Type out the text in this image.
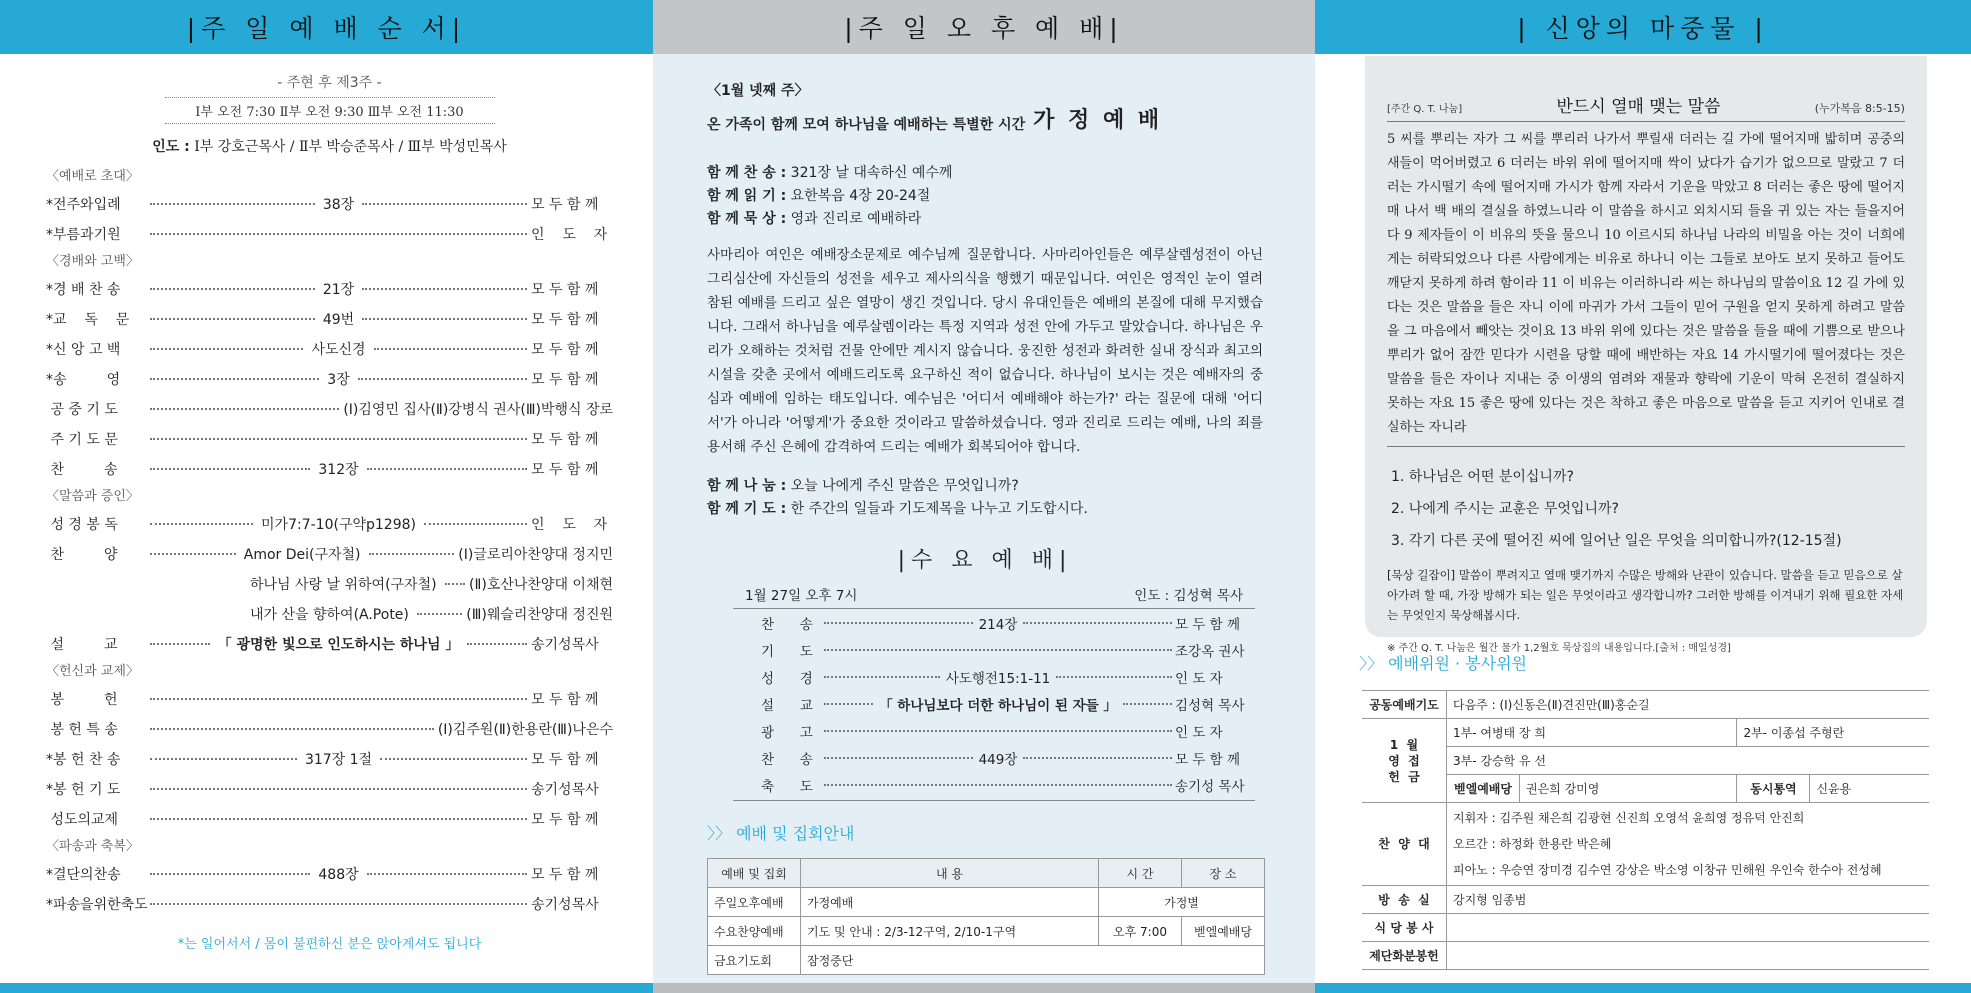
|주 일 예 배 순 서|
- 주현 후 제3주 -
Ⅰ부 오전 7:30 Ⅱ부 오전 9:30 Ⅲ부 오전 11:30
인도 : Ⅰ부 강호근목사 / Ⅱ부 박승준목사 / Ⅲ부 박성민목사
〈예배로 초대〉
*전주와입례	38장	모 두 함 께
*부름과기원	인    도    자
〈경배와 고백〉
*경 배 찬 송	21장	모 두 함 께
*교    독    문	49번	모 두 함 께
*신 앙 고 백	사도신경	모 두 함 께
*송         영	3장	모 두 함 께
공 중 기 도	(Ⅰ)김영민 집사(Ⅱ)강병식 권사(Ⅲ)박행식 장로
주 기 도 문	모 두 함 께
찬         송	312장	모 두 함 께
〈말씀과 증인〉
성 경 봉 독	미가7:7-10(구약p1298)	인    도    자
찬         양	Amor Dei(구자철)	(Ⅰ)글로리아찬양대 정지민
하나님 사랑 날 위하여(구자철) (Ⅱ)호산나찬양대 이채현
내가 산을 향하여(A.Pote)	(Ⅲ)웨슬리찬양대 정진원
설         교	「 광명한 빛으로 인도하시는 하나님 」	송기성목사
〈헌신과 교제〉
봉         헌	모 두 함 께
봉 헌 특 송	(Ⅰ)김주원(Ⅱ)한용란(Ⅲ)나은수
*봉 헌 찬 송	317장 1절	모 두 함 께
*봉 헌 기 도	송기성목사
성도의교제	모 두 함 께
〈파송과 축복〉
*결단의찬송	488장	모 두 함 께
*파송을위한축도	송기성목사
*는 일어서서 / 몸이 불편하신 분은 앉아계셔도 됩니다
|주 일 오 후 예 배|
〈1월 넷째 주〉
온 가족이 함께 모여 하나님을 예배하는 특별한 시간 가 정 예 배
함 께 찬 송 : 321장 날 대속하신 예수께
함 께 읽 기 : 요한복음 4장 20-24절
함 께 묵 상 : 영과 진리로 예배하라
사마리아 여인은 예배장소문제로 예수님께 질문합니다. 사마리아인들은 예루살렘성전이 아닌 그리심산에 자신들의 성전을 세우고 제사의식을 행했기 때문입니다. 여인은 영적인 눈이 열려 참된 예배를 드리고 싶은 열망이 생긴 것입니다. 당시 유대인들은 예배의 본질에 대해 무지했습니다. 그래서 하나님을 예루살렘이라는 특정 지역과 성전 안에 가두고 말았습니다. 하나님은 우리가 오해하는 것처럼 건물 안에만 계시지 않습니다. 웅진한 성전과 화려한 실내 장식과 최고의 시설을 갖춘 곳에서 예배드리도록 요구하신 적이 없습니다. 하나님이 보시는 것은 예배자의 중심과 예배에 임하는 태도입니다. 예수님은 '어디서 예배해야 하는가?' 라는 질문에 대해 '어디서'가 아니라 '어떻게'가 중요한 것이라고 말씀하셨습니다. 영과 진리로 드리는 예배, 나의 죄를 용서해 주신 은혜에 감격하여 드리는 예배가 회복되어야 합니다.
함 께 나 눔 : 오늘 나에게 주신 말씀은 무엇입니까?
함 께 기 도 : 한 주간의 일들과 기도제목을 나누고 기도합시다.
|수 요 예 배|
1월 27일 오후 7시	인도 : 김성혁 목사
찬      송	214장	모 두 함 께
기      도	조강옥 권사
성      경	사도행전15:1-11	인 도 자
설      교	「 하나님보다 더한 하나님이 된 자들 」	김성혁 목사
광      고	인 도 자
찬      송	449장	모 두 함 께
축      도	송기성 목사
〉〉 예배 및 집회안내
예배 및 집회	내 용	시 간	장 소
주일오후예배	가정예배	가정별	
수요찬양예배	기도 및 안내 : 2/3-12구역, 2/10-1구역	오후 7:00	벧엘예배당
금요기도회	잠정중단		
| 신앙의 마중물 |
[주간 Q. T. 나눔]	반드시 열매 맺는 말씀	(누가복음 8:5-15)
5 씨를 뿌리는 자가 그 씨를 뿌리러 나가서 뿌릴새 더러는 길 가에 떨어지매 밟히며 공중의 새들이 먹어버렸고 6 더러는 바위 위에 떨어지매 싹이 났다가 습기가 없으므로 말랐고 7 더러는 가시떨기 속에 떨어지매 가시가 함께 자라서 기운을 막았고 8 더러는 좋은 땅에 떨어지매 나서 백 배의 결실을 하였느니라 이 말씀을 하시고 외치시되 들을 귀 있는 자는 들을지어다 9 제자들이 이 비유의 뜻을 물으니 10 이르시되 하나님 나라의 비밀을 아는 것이 너희에게는 허락되었으나 다른 사람에게는 비유로 하나니 이는 그들로 보아도 보지 못하고 들어도 깨닫지 못하게 하려 함이라 11 이 비유는 이러하니라 씨는 하나님의 말씀이요 12 길 가에 있다는 것은 말씀을 들은 자니 이에 마귀가 가서 그들이 믿어 구원을 얻지 못하게 하려고 말씀을 그 마음에서 빼앗는 것이요 13 바위 위에 있다는 것은 말씀을 들을 때에 기쁨으로 받으나 뿌리가 없어 잠깐 믿다가 시련을 당할 때에 배반하는 자요 14 가시떨기에 떨어졌다는 것은 말씀을 들은 자이나 지내는 중 이생의 염려와 재물과 향락에 기운이 막혀 온전히 결실하지 못하는 자요 15 좋은 땅에 있다는 것은 착하고 좋은 마음으로 말씀을 듣고 지키어 인내로 결실하는 자니라
1. 하나님은 어떤 분이십니까?
2. 나에게 주시는 교훈은 무엇입니까?
3. 각기 다른 곳에 떨어진 씨에 일어난 일은 무엇을 의미합니까?(12-15절)
[묵상 길잡이] 말씀이 뿌려지고 열매 맺기까지 수많은 방해와 난관이 있습니다. 말씀을 듣고 믿음으로 살아가려 할 때, 가장 방해가 되는 일은 무엇이라고 생각합니까? 그러한 방해를 이겨내기 위해 필요한 자세는 무엇인지 묵상해봅시다.
※ 주간 Q. T. 나눔은 월간 물가 1,2월호 묵상집의 내용입니다.[출처 : 매일성경]
〉〉 예배위원 · 봉사위원
공동예배기도	다음주 : (Ⅰ)신동은(Ⅱ)견진만(Ⅲ)홍순길			
1  월
영  접
헌  금	1부- 여병태 장 희		2부- 이종섭 주형란	
	3부- 강승학 유 선			
	벧엘예배당	권은희 강미영	동시통역	신윤용
찬  양  대	지휘자 : 김주원 채은희 김광현 신진희 오영석 윤희영 정유덕 안진희
오르간 : 하정화 한용란 박은혜
피아노 : 우승연 장미경 김수연 강상은 박소영 이창규 민해원 우인숙 한수아 전성혜			

방  송  실	강지형 임종범			
식 당 봉 사				
제단화분봉헌				
